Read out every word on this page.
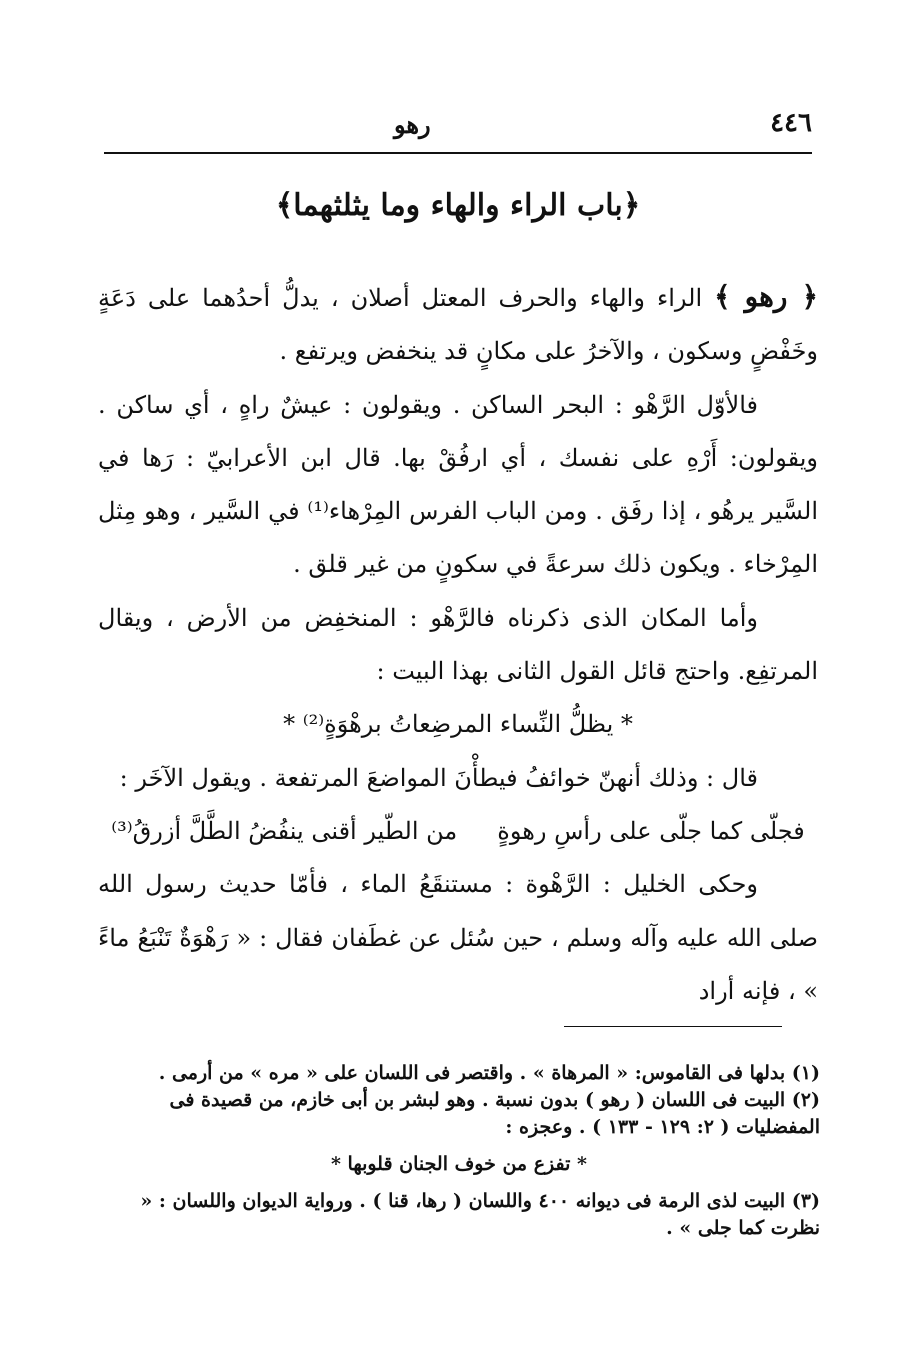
٤٤٦
رهو
﴿باب الراء والهاء وما يثلثهما﴾

﴿ رهو ﴾ الراء والهاء والحرف المعتل أصلان ، يدلُّ أحدُهما على دَعَةٍ وخَفْضٍ وسكون ، والآخرُ على مكانٍ قد ينخفض ويرتفع .

فالأوّل الرَّهْو : البحر الساكن . ويقولون : عيشٌ راهٍ ، أي ساكن . ويقولون: أَرْهِ على نفسك ، أي ارفُقْ بها. قال ابن الأعرابيّ : رَها في السَّير يرهُو ، إذا رفَق . ومن الباب الفرس المِرْهاء⁽¹⁾ في السَّير ، وهو مِثل المِرْخاء . ويكون ذلك سرعةً في سكونٍ من غير قلق .

وأما المكان الذى ذكرناه فالرَّهْو : المنخفِض من الأرض ، ويقال المرتفِع. واحتج قائل القول الثانى بهذا البيت :

* يظلُّ النِّساء المرضِعاتُ برهْوَةٍ⁽²⁾ *

قال : وذلك أنهنّ خوائفُ فيطأْنَ المواضعَ المرتفعة . ويقول الآخَر :

فجلّى كما جلّى على رأسِ رهوةٍ
من الطّير أقنى ينفُضُ الطَّلَّ أزرقُ⁽³⁾

وحكى الخليل : الرَّهْوة : مستنقَعُ الماء ، فأمّا حديث رسول الله صلى الله عليه وآله وسلم ، حين سُئل عن غطَفان فقال : « رَهْوَةٌ تَنْبَعُ ماءً » ، فإنه أراد

(١) بدلها فى القاموس: « المرهاة » . واقتصر فى اللسان على « مره » من أرمى .

(٢) البيت فى اللسان ( رهو ) بدون نسبة . وهو لبشر بن أبى خازم، من قصيدة فى المفضليات ( ٢: ١٢٩ - ١٣٣ ) . وعجزه :

* تفزع من خوف الجنان قلوبها *

(٣) البيت لذى الرمة فى ديوانه ٤٠٠ واللسان ( رها، قنا ) . ورواية الديوان واللسان : « نظرت كما جلى » .
